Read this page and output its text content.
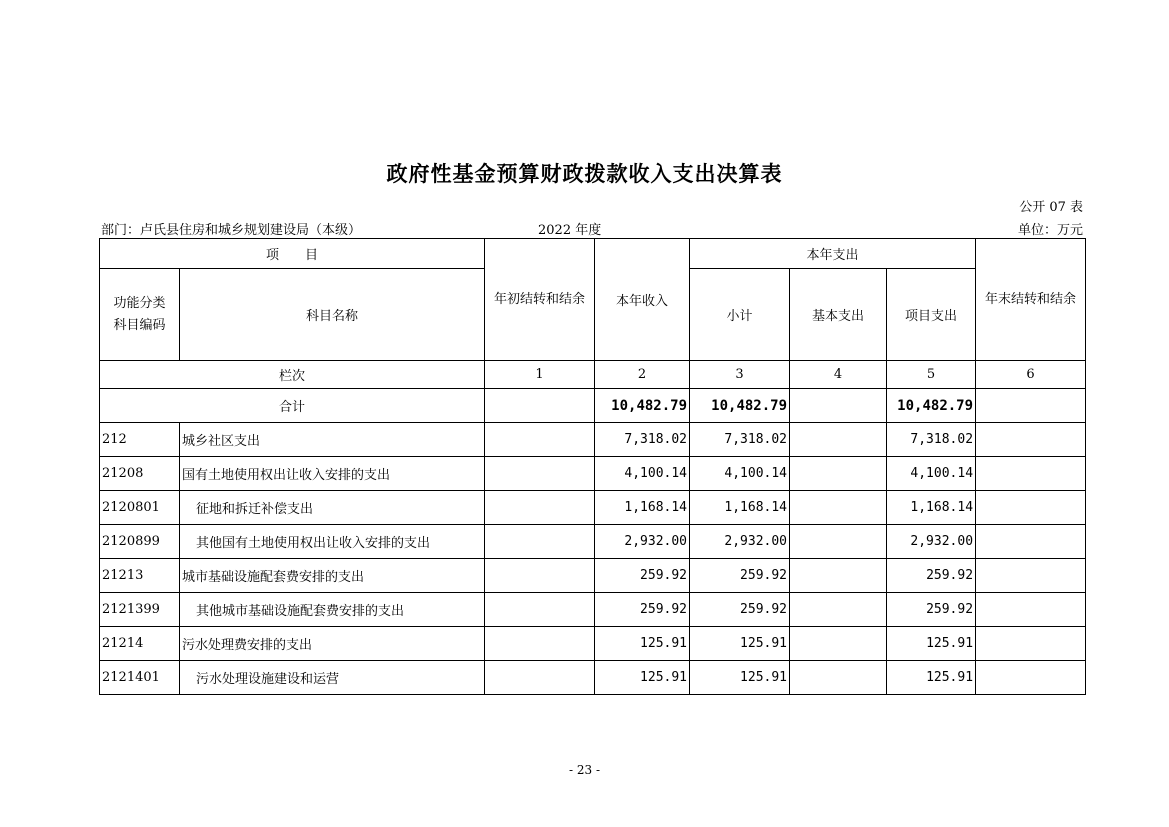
政府性基金预算财政拨款收入支出决算表
公开 07 表
部门：卢氏县住房和城乡规划建设局（本级）	2022 年度	单位：万元
项　　目		年初结转和结余	本年收入	本年支出			年末结转和结余
功能分类
科目编码	科目名称			小计	基本支出	项目支出	
栏次		1	2	3	4	5	6
合计			10,482.79	10,482.79		10,482.79	
212	城乡社区支出		7,318.02	7,318.02		7,318.02	
21208	国有土地使用权出让收入安排的支出		4,100.14	4,100.14		4,100.14	
2120801	征地和拆迁补偿支出		1,168.14	1,168.14		1,168.14	
2120899	其他国有土地使用权出让收入安排的支出		2,932.00	2,932.00		2,932.00	
21213	城市基础设施配套费安排的支出		259.92	259.92		259.92	
2121399	其他城市基础设施配套费安排的支出		259.92	259.92		259.92	
21214	污水处理费安排的支出		125.91	125.91		125.91	
2121401	污水处理设施建设和运营		125.91	125.91		125.91	
- 23 -
